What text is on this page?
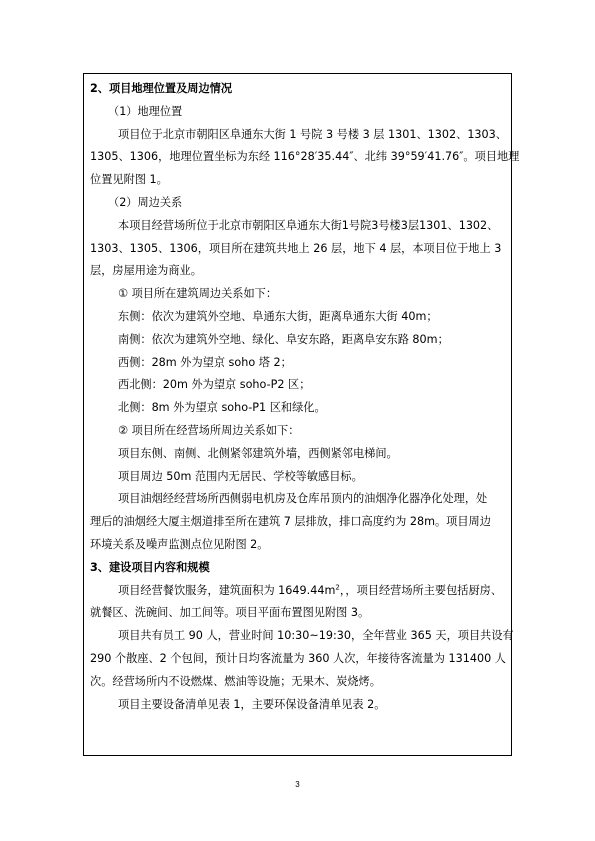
2、项目地理位置及周边情况

（1）地理位置

项目位于北京市朝阳区阜通东大街 1 号院 3 号楼 3 层 1301、1302、1303、

1305、1306，地理位置坐标为东经 116°28′35.44″、北纬 39°59′41.76″。项目地理

位置见附图 1。

（2）周边关系

本项目经营场所位于北京市朝阳区阜通东大街1号院3号楼3层1301、1302、

1303、1305、1306，项目所在建筑共地上 26 层，地下 4 层，本项目位于地上 3

层，房屋用途为商业。

① 项目所在建筑周边关系如下：

东侧：依次为建筑外空地、阜通东大街，距离阜通东大街 40m；

南侧：依次为建筑外空地、绿化、阜安东路，距离阜安东路 80m；

西侧：28m 外为望京 soho 塔 2；

西北侧：20m 外为望京 soho-P2 区；

北侧：8m 外为望京 soho-P1 区和绿化。

② 项目所在经营场所周边关系如下：

项目东侧、南侧、北侧紧邻建筑外墙，西侧紧邻电梯间。

项目周边 50m 范围内无居民、学校等敏感目标。

项目油烟经经营场所西侧弱电机房及仓库吊顶内的油烟净化器净化处理，处

理后的油烟经大厦主烟道排至所在建筑 7 层排放，排口高度约为 28m。项目周边

环境关系及噪声监测点位见附图 2。

3、建设项目内容和规模

项目经营餐饮服务，建筑面积为 $1649.44m^2$，，项目经营场所主要包括厨房、

就餐区、洗碗间、加工间等。项目平面布置图见附图 3。

项目共有员工 90 人，营业时间 10:30~19:30，全年营业 365 天，项目共设有

290 个散座、2 个包间，预计日均客流量为 360 人次，年接待客流量为 131400 人

次。经营场所内不设燃煤、燃油等设施；无果木、炭烧烤。

项目主要设备清单见表 1，主要环保设备清单见表 2。

3
